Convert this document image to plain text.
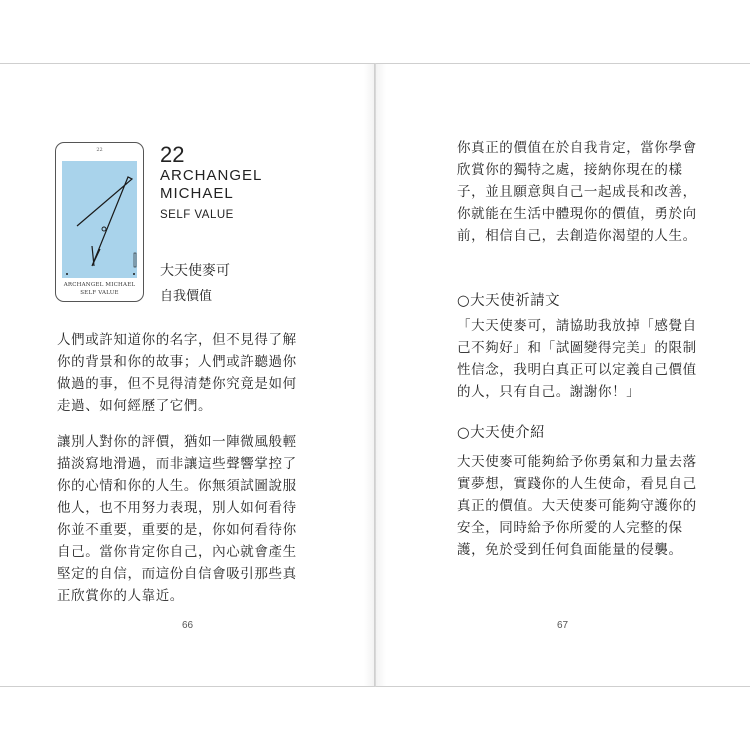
22
ARCHANGEL MICHAEL
SELF VALUE
22
ARCHANGEL
MICHAEL
SELF VALUE
大天使麥可
自我價值
人們或許知道你的名字，但不見得了解
你的背景和你的故事；人們或許聽過你
做過的事，但不見得清楚你究竟是如何
走過、如何經歷了它們。
讓別人對你的評價，猶如一陣微風般輕
描淡寫地滑過，而非讓這些聲響掌控了
你的心情和你的人生。你無須試圖說服
他人，也不用努力表現，別人如何看待
你並不重要，重要的是，你如何看待你
自己。當你肯定你自己，內心就會產生
堅定的自信，而這份自信會吸引那些真
正欣賞你的人靠近。
66
你真正的價值在於自我肯定，當你學會
欣賞你的獨特之處，接納你現在的樣
子，並且願意與自己一起成長和改善，
你就能在生活中體現你的價值，勇於向
前，相信自己，去創造你渴望的人生。
○大天使祈請文
「大天使麥可，請協助我放掉「感覺自
己不夠好」和「試圖變得完美」的限制
性信念，我明白真正可以定義自己價值
的人，只有自己。謝謝你！」
○大天使介紹
大天使麥可能夠給予你勇氣和力量去落
實夢想，實踐你的人生使命，看見自己
真正的價值。大天使麥可能夠守護你的
安全，同時給予你所愛的人完整的保
護，免於受到任何負面能量的侵襲。
67
